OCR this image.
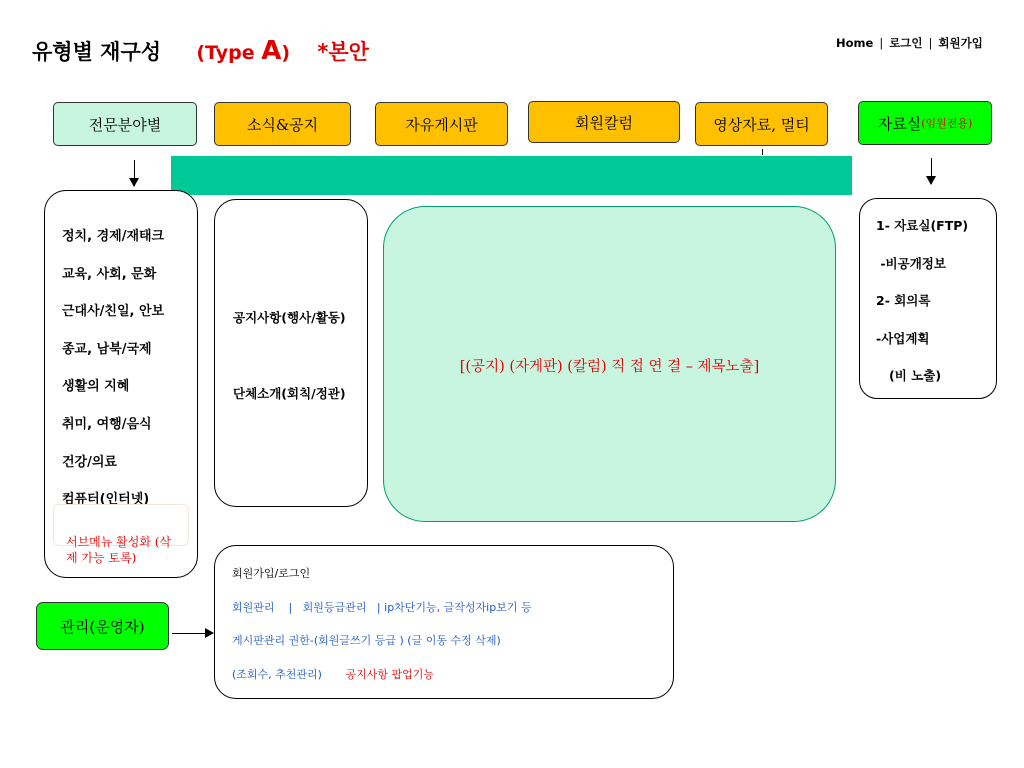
유형별 재구성 (Type A) *본안	Home | 로그인 | 회원가입
전문분야별	소식&공지	자유게시판	회원칼럼	영상자료, 멀티	자료실 (임원전용)
정치, 경제/재태크
교육, 사회, 문화
근대사/친일, 안보
종교, 남북/국제
생활의 지혜
취미, 여행/음식
건강/의료
컴퓨터(인터넷)
서브메뉴 활성화 (삭제 가능 토록)
공지사항(행사/활동)
단체소개(회칙/정관)
[(공지) (자게판) (칼럼) 직 접 연 결 – 제목노출]
1- 자료실(FTP)
-비공개정보
2- 회의록
-사업계획
(비 노출)
관리(운영자)
회원가입/로그인
회원관리    |   회원등급관리   | ip차단기능, 글작성자ip보기 등
게시판관리 권한-(회원글쓰기 등급 ) (글 이동 수정 삭제)
(조회수, 추천관리) 공지사항 팝업기능
